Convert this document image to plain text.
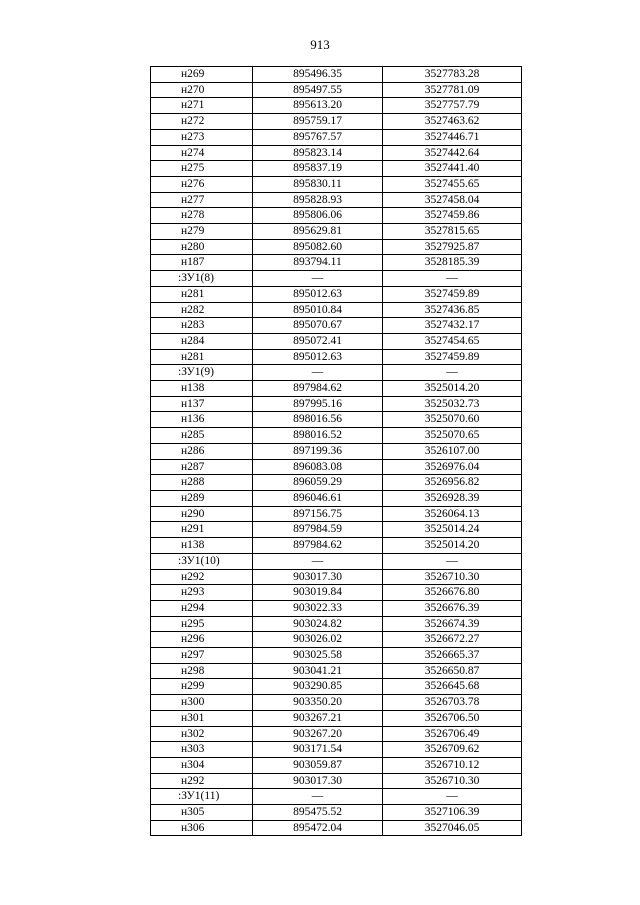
913
н269	895496.35	3527783.28
н270	895497.55	3527781.09
н271	895613.20	3527757.79
н272	895759.17	3527463.62
н273	895767.57	3527446.71
н274	895823.14	3527442.64
н275	895837.19	3527441.40
н276	895830.11	3527455.65
н277	895828.93	3527458.04
н278	895806.06	3527459.86
н279	895629.81	3527815.65
н280	895082.60	3527925.87
н187	893794.11	3528185.39
:ЗУ1(8)	—	—
н281	895012.63	3527459.89
н282	895010.84	3527436.85
н283	895070.67	3527432.17
н284	895072.41	3527454.65
н281	895012.63	3527459.89
:ЗУ1(9)	—	—
н138	897984.62	3525014.20
н137	897995.16	3525032.73
н136	898016.56	3525070.60
н285	898016.52	3525070.65
н286	897199.36	3526107.00
н287	896083.08	3526976.04
н288	896059.29	3526956.82
н289	896046.61	3526928.39
н290	897156.75	3526064.13
н291	897984.59	3525014.24
н138	897984.62	3525014.20
:ЗУ1(10)	—	—
н292	903017.30	3526710.30
н293	903019.84	3526676.80
н294	903022.33	3526676.39
н295	903024.82	3526674.39
н296	903026.02	3526672.27
н297	903025.58	3526665.37
н298	903041.21	3526650.87
н299	903290.85	3526645.68
н300	903350.20	3526703.78
н301	903267.21	3526706.50
н302	903267.20	3526706.49
н303	903171.54	3526709.62
н304	903059.87	3526710.12
н292	903017.30	3526710.30
:ЗУ1(11)	—	—
н305	895475.52	3527106.39
н306	895472.04	3527046.05
